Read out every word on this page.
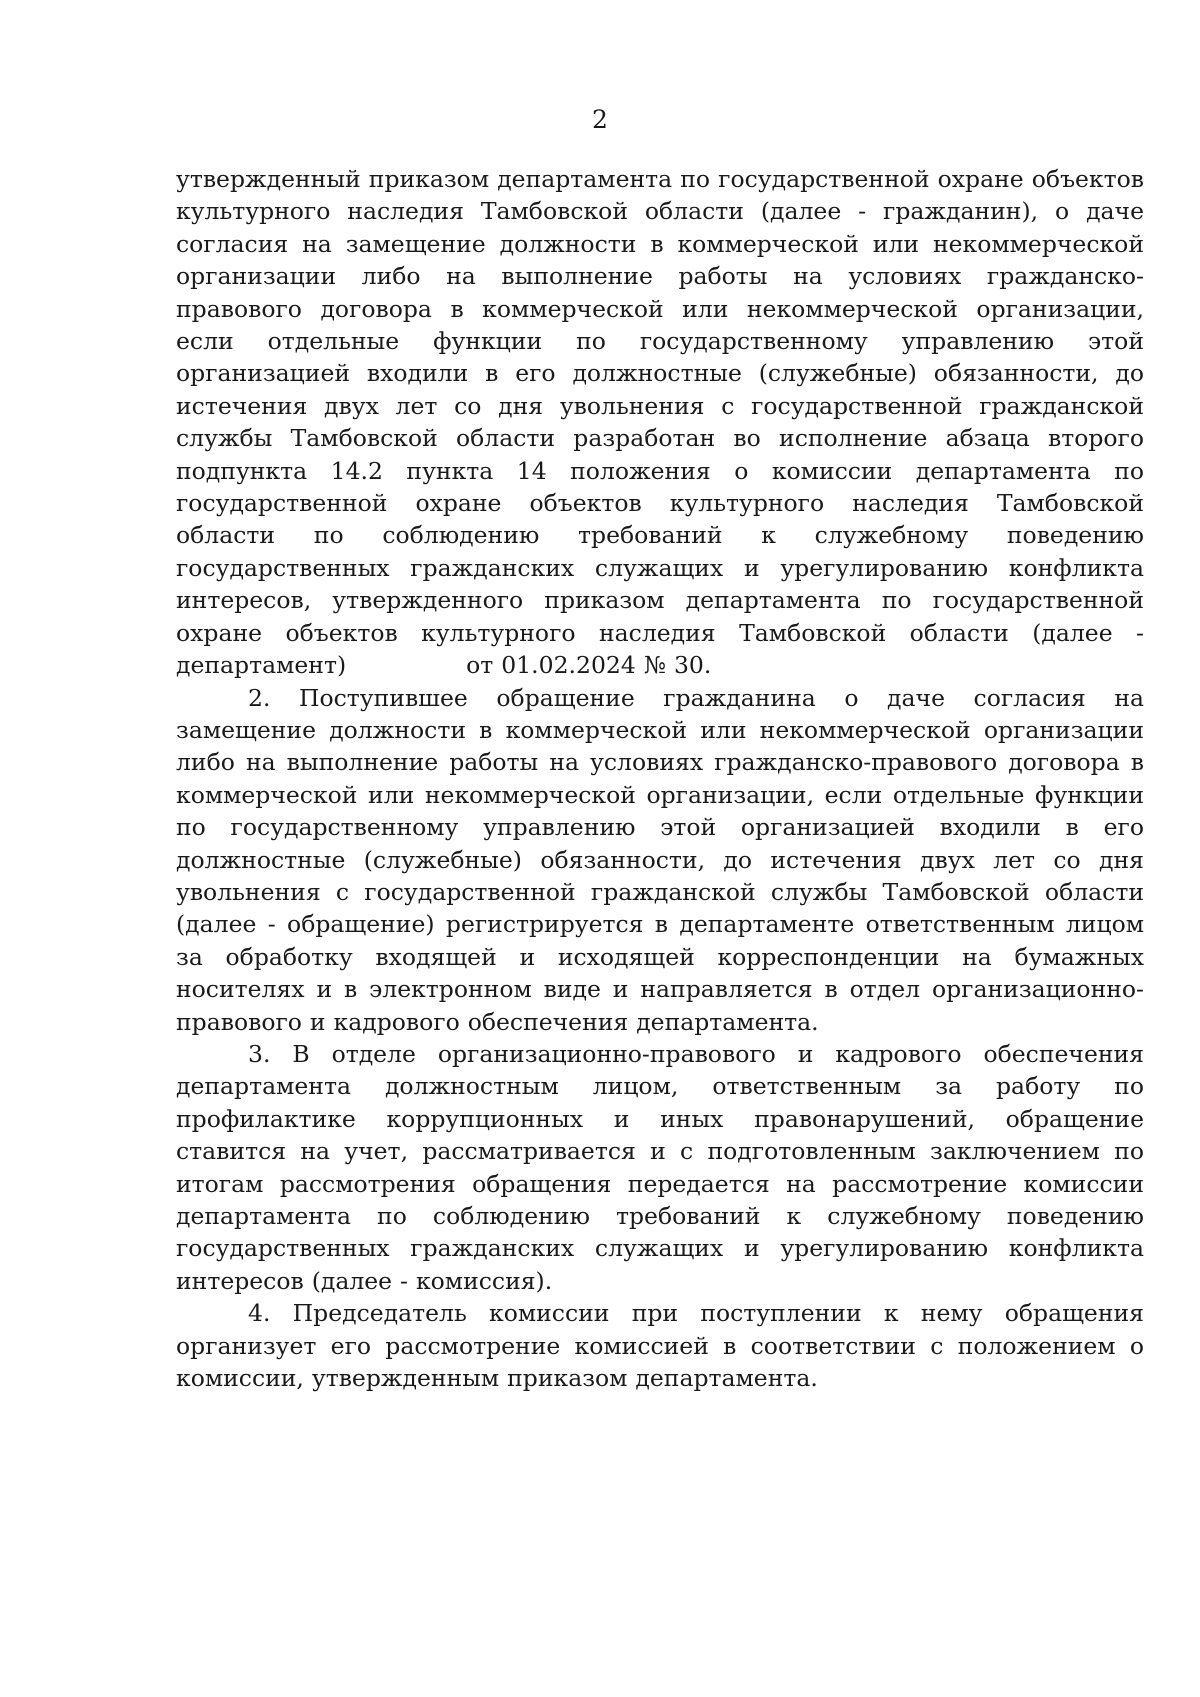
2

утвержденный приказом департамента по государственной охране объектов культурного наследия Тамбовской области (далее - гражданин), о даче согласия на замещение должности в коммерческой или некоммерческой организации либо на выполнение работы на условиях гражданско-правового договора в коммерческой или некоммерческой организации, если отдельные функции по государственному управлению этой организацией входили в его должностные (служебные) обязанности, до истечения двух лет со дня увольнения с государственной гражданской службы Тамбовской области разработан во исполнение абзаца второго подпункта 14.2 пункта 14 положения о комиссии департамента по государственной охране объектов культурного наследия Тамбовской области по соблюдению требований к служебному поведению государственных гражданских служащих и урегулированию конфликта интересов, утвержденного приказом департамента по государственной охране объектов культурного наследия Тамбовской области (далее - департамент)	от 01.02.2024 № 30.

2. Поступившее обращение гражданина о даче согласия на замещение должности в коммерческой или некоммерческой организации либо на выполнение работы на условиях гражданско-правового договора в коммерческой или некоммерческой организации, если отдельные функции по государственному управлению этой организацией входили в его должностные (служебные) обязанности, до истечения двух лет со дня увольнения с государственной гражданской службы Тамбовской области (далее - обращение) регистрируется в департаменте ответственным лицом за обработку входящей и исходящей корреспонденции на бумажных носителях и в электронном виде и направляется в отдел организационно-правового и кадрового обеспечения департамента.

3. В отделе организационно-правового и кадрового обеспечения департамента должностным лицом, ответственным за работу по профилактике коррупционных и иных правонарушений, обращение ставится на учет, рассматривается и с подготовленным заключением по итогам рассмотрения обращения передается на рассмотрение комиссии департамента по соблюдению требований к служебному поведению государственных гражданских служащих и урегулированию конфликта интересов (далее - комиссия).

4. Председатель комиссии при поступлении к нему обращения организует его рассмотрение комиссией в соответствии с положением о комиссии, утвержденным приказом департамента.
